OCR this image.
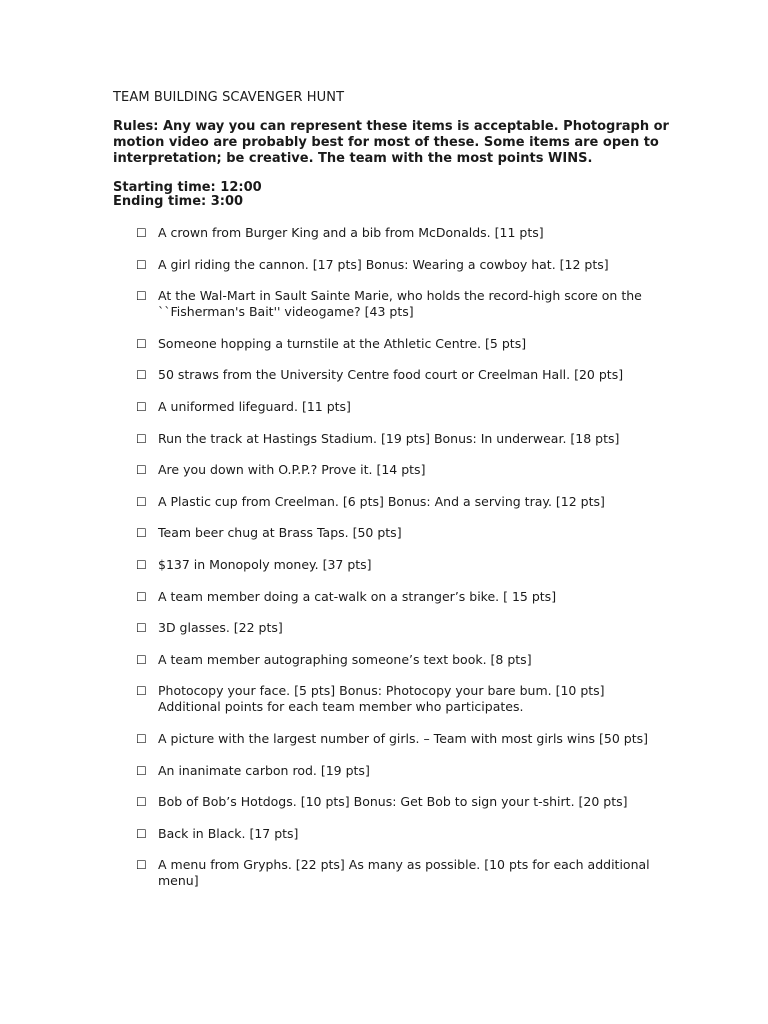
TEAM BUILDING SCAVENGER HUNT
Rules: Any way you can represent these items is acceptable. Photograph or motion video are probably best for most of these. Some items are open to interpretation; be creative. The team with the most points WINS.
Starting time: 12:00
Ending time: 3:00
☐ A crown from Burger King and a bib from McDonalds. [11 pts]
☐ A girl riding the cannon. [17 pts] Bonus: Wearing a cowboy hat. [12 pts]
☐ At the Wal-Mart in Sault Sainte Marie, who holds the record-high score on the ``Fisherman's Bait'' videogame? [43 pts]
☐ Someone hopping a turnstile at the Athletic Centre. [5 pts]
☐ 50 straws from the University Centre food court or Creelman Hall. [20 pts]
☐ A uniformed lifeguard. [11 pts]
☐ Run the track at Hastings Stadium. [19 pts] Bonus: In underwear. [18 pts]
☐ Are you down with O.P.P.? Prove it. [14 pts]
☐ A Plastic cup from Creelman. [6 pts] Bonus: And a serving tray. [12 pts]
☐ Team beer chug at Brass Taps. [50 pts]
☐ $137 in Monopoly money. [37 pts]
☐ A team member doing a cat-walk on a stranger’s bike. [ 15 pts]
☐ 3D glasses. [22 pts]
☐ A team member autographing someone’s text book. [8 pts]
☐ Photocopy your face. [5 pts] Bonus: Photocopy your bare bum. [10 pts]
Additional points for each team member who participates.
☐ A picture with the largest number of girls. – Team with most girls wins [50 pts]
☐ An inanimate carbon rod. [19 pts]
☐ Bob of Bob’s Hotdogs. [10 pts] Bonus: Get Bob to sign your t-shirt. [20 pts]
☐ Back in Black. [17 pts]
☐ A menu from Gryphs. [22 pts] As many as possible. [10 pts for each additional menu]
